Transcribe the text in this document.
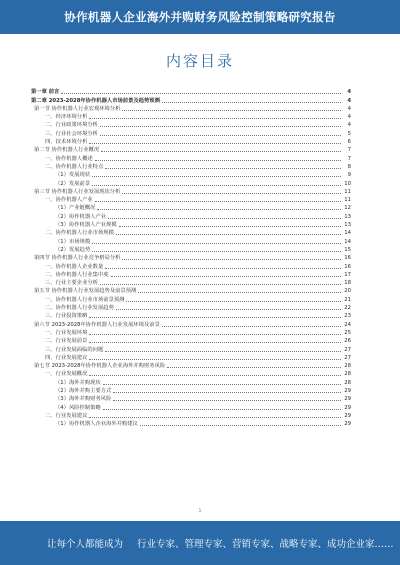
协作机器人企业海外并购财务风险控制策略研究报告
内容目录
第一章 前言	4
第二章 2023-2028年协作机器人市场前景及趋势预测	4
第一节 协作机器人行业宏观环境分析	4
一、经济环境分析	4
二、行业政策环境分析	4
三、行业社会环境分析	5
四、技术环境分析	6
第二节 协作机器人行业概况	7
一、协作机器人概述	7
二、协作机器人行业特点	8
（1）发展现状	9
（2）发展前景	10
第三节 协作机器人行业发展现状分析	11
一、协作机器人产业	11
（1）产业链概况	12
（2）协作机器人产业	13
（3）协作机器人产业规模	13
二、协作机器人行业市场规模	14
（1）市场规模	14
（2）发展趋势	15
第四节 协作机器人行业竞争格局分析	16
一、协作机器人企业数量	16
二、协作机器人行业集中度	17
三、行业主要企业分析	18
第五节 协作机器人行业发展趋势及前景预测	20
一、协作机器人行业市场前景预测	21
二、协作机器人行业发展趋势	22
三、行业投资策略	23
第六节 2023-2028年协作机器人行业发展环境及前景	24
一、行业发展环境	25
二、行业发展前景	26
三、行业发展面临的问题	27
四、行业发展建议	27
第七节 2023-2028年协作机器人企业海外并购财务风险	28
一、行业发展概况	28
（1）海外并购现状	28
（2）海外并购主要方式	29
（3）海外并购财务风险	29
（4）风险控制策略	29
二、行业发展建议	29
（1）协作机器人企业海外并购建议	29
1
让每个人都能成为 行业专家、管理专家、营销专家、战略专家、成功企业家……
